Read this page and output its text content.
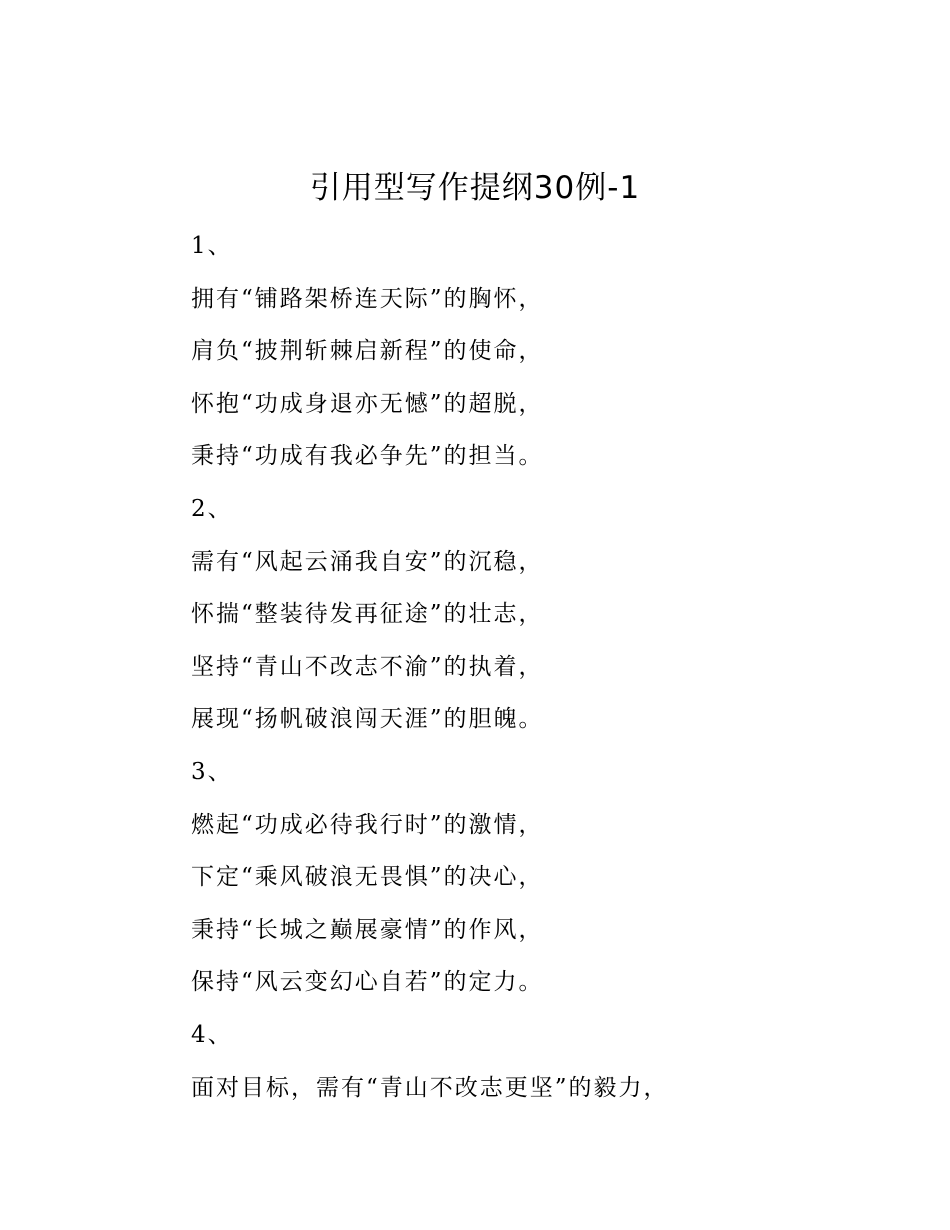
引用型写作提纲30例-1
1、
拥有“铺路架桥连天际”的胸怀，
肩负“披荆斩棘启新程”的使命，
怀抱“功成身退亦无憾”的超脱，
秉持“功成有我必争先”的担当。
2、
需有“风起云涌我自安”的沉稳，
怀揣“整装待发再征途”的壮志，
坚持“青山不改志不渝”的执着，
展现“扬帆破浪闯天涯”的胆魄。
3、
燃起“功成必待我行时”的激情，
下定“乘风破浪无畏惧”的决心，
秉持“长城之巅展豪情”的作风，
保持“风云变幻心自若”的定力。
4、
面对目标，需有“青山不改志更坚”的毅力，
